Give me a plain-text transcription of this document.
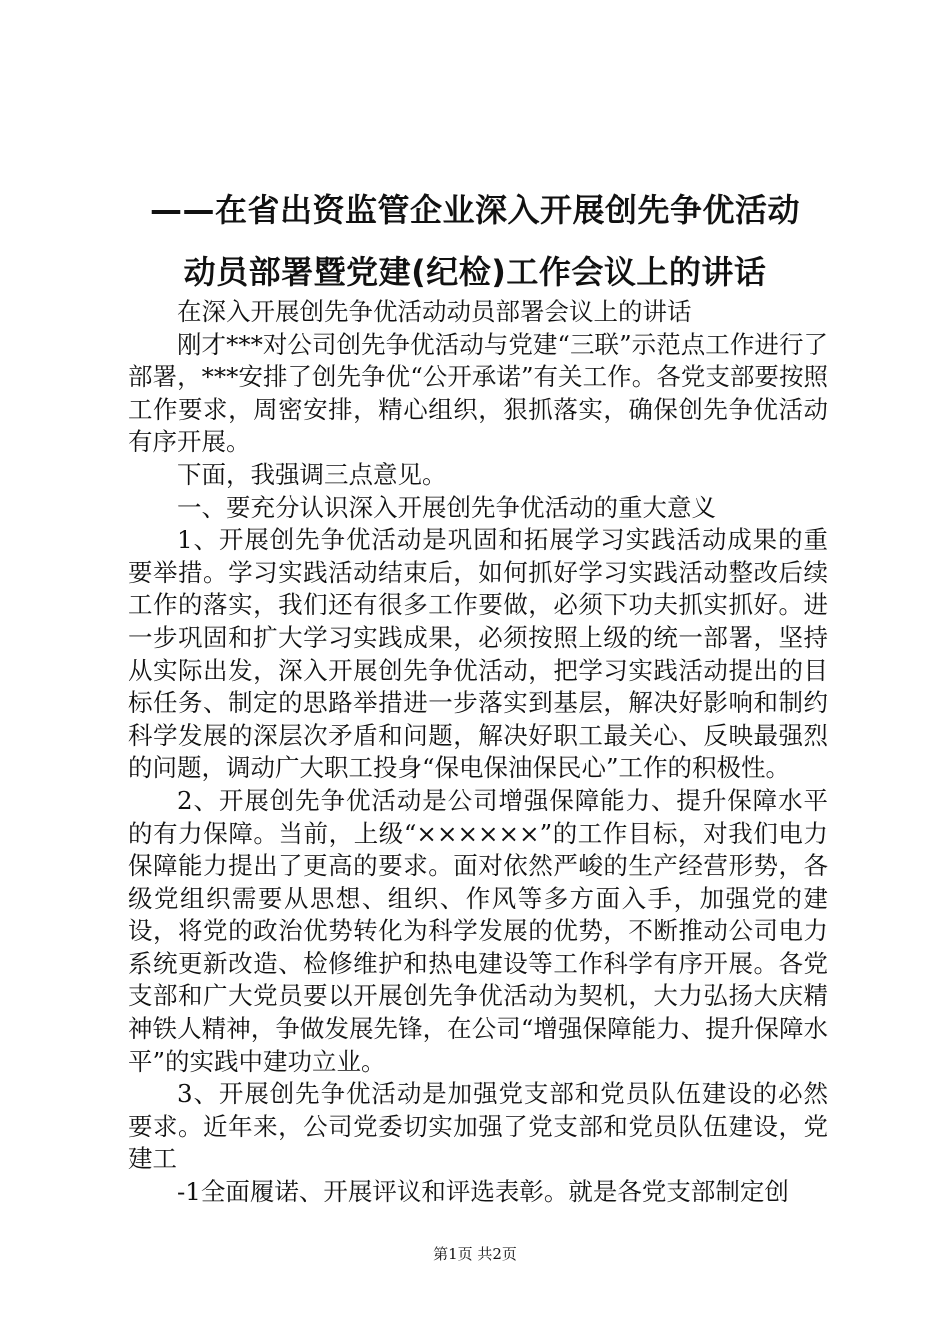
——在省出资监管企业深入开展创先争优活动
动员部署暨党建(纪检)工作会议上的讲话

在深入开展创先争优活动动员部署会议上的讲话

刚才***对公司创先争优活动与党建“三联”示范点工作进行了部署，***安排了创先争优“公开承诺”有关工作。各党支部要按照工作要求，周密安排，精心组织，狠抓落实，确保创先争优活动有序开展。

下面，我强调三点意见。

一、要充分认识深入开展创先争优活动的重大意义

1、开展创先争优活动是巩固和拓展学习实践活动成果的重要举措。学习实践活动结束后，如何抓好学习实践活动整改后续工作的落实，我们还有很多工作要做，必须下功夫抓实抓好。进一步巩固和扩大学习实践成果，必须按照上级的统一部署，坚持从实际出发，深入开展创先争优活动，把学习实践活动提出的目标任务、制定的思路举措进一步落实到基层，解决好影响和制约科学发展的深层次矛盾和问题，解决好职工最关心、反映最强烈的问题，调动广大职工投身“保电保油保民心”工作的积极性。

2、开展创先争优活动是公司增强保障能力、提升保障水平的有力保障。当前，上级“××××××”的工作目标，对我们电力保障能力提出了更高的要求。面对依然严峻的生产经营形势，各级党组织需要从思想、组织、作风等多方面入手，加强党的建设，将党的政治优势转化为科学发展的优势，不断推动公司电力系统更新改造、检修维护和热电建设等工作科学有序开展。各党支部和广大党员要以开展创先争优活动为契机，大力弘扬大庆精神铁人精神，争做发展先锋，在公司“增强保障能力、提升保障水平”的实践中建功立业。

3、开展创先争优活动是加强党支部和党员队伍建设的必然要求。近年来，公司党委切实加强了党支部和党员队伍建设，党建工

-1全面履诺、开展评议和评选表彰。就是各党支部制定创

第1页 共2页
